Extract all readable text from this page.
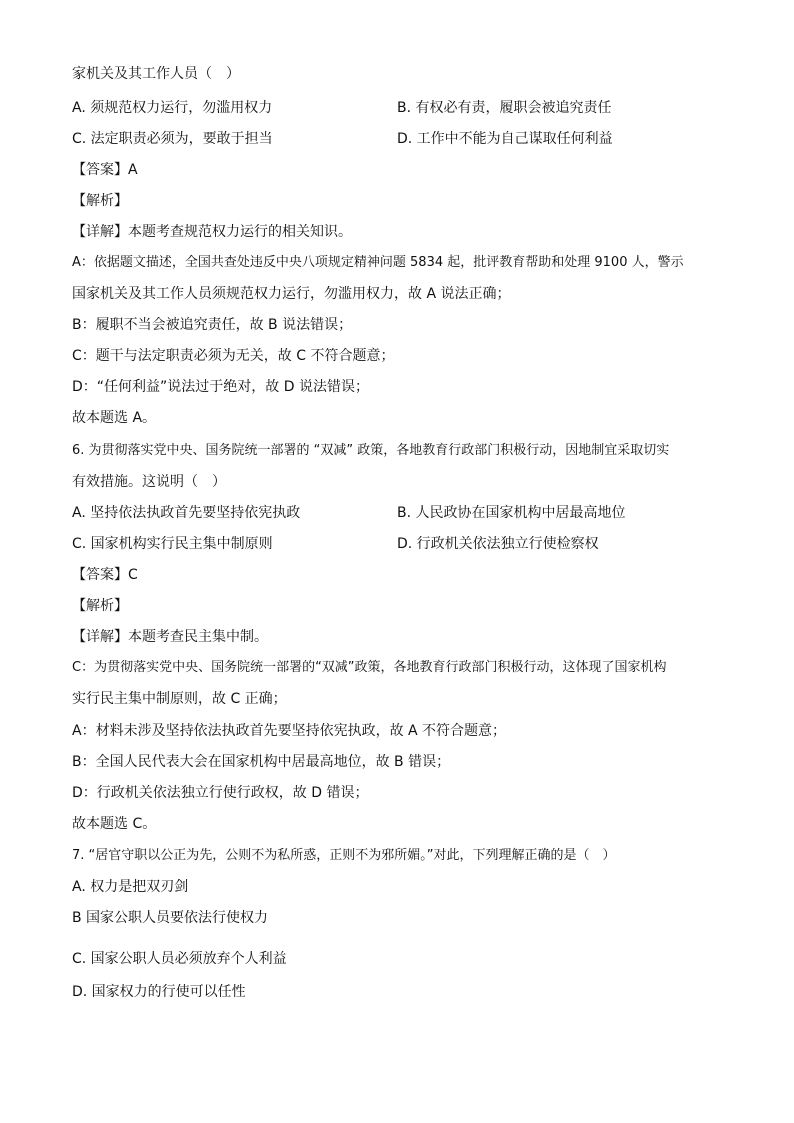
家机关及其工作人员（　）
A. 须规范权力运行，勿滥用权力	B. 有权必有责，履职会被追究责任
C. 法定职责必须为，要敢于担当	D. 工作中不能为自己谋取任何利益
【答案】A
【解析】
【详解】本题考查规范权力运行的相关知识。
A：依据题文描述，全国共查处违反中央八项规定精神问题 5834 起，批评教育帮助和处理 9100 人，警示
国家机关及其工作人员须规范权力运行，勿滥用权力，故 A 说法正确；
B：履职不当会被追究责任，故 B 说法错误；
C：题干与法定职责必须为无关，故 C 不符合题意；
D：“任何利益”说法过于绝对，故 D 说法错误；
故本题选 A。
6. 为贯彻落实党中央、国务院统一部署的 “双减” 政策，各地教育行政部门积极行动，因地制宜采取切实
有效措施。这说明（　）
A. 坚持依法执政首先要坚持依宪执政	B. 人民政协在国家机构中居最高地位
C. 国家机构实行民主集中制原则	D. 行政机关依法独立行使检察权
【答案】C
【解析】
【详解】本题考查民主集中制。
C：为贯彻落实党中央、国务院统一部署的“双减”政策，各地教育行政部门积极行动，这体现了国家机构
实行民主集中制原则，故 C 正确；
A：材料未涉及坚持依法执政首先要坚持依宪执政，故 A 不符合题意；
B：全国人民代表大会在国家机构中居最高地位，故 B 错误；
D：行政机关依法独立行使行政权，故 D 错误；
故本题选 C。
7. “居官守职以公正为先，公则不为私所惑，正则不为邪所媚。”对此，下列理解正确的是（　）
A. 权力是把双刃剑
B 国家公职人员要依法行使权力
C. 国家公职人员必须放弃个人利益
D. 国家权力的行使可以任性
